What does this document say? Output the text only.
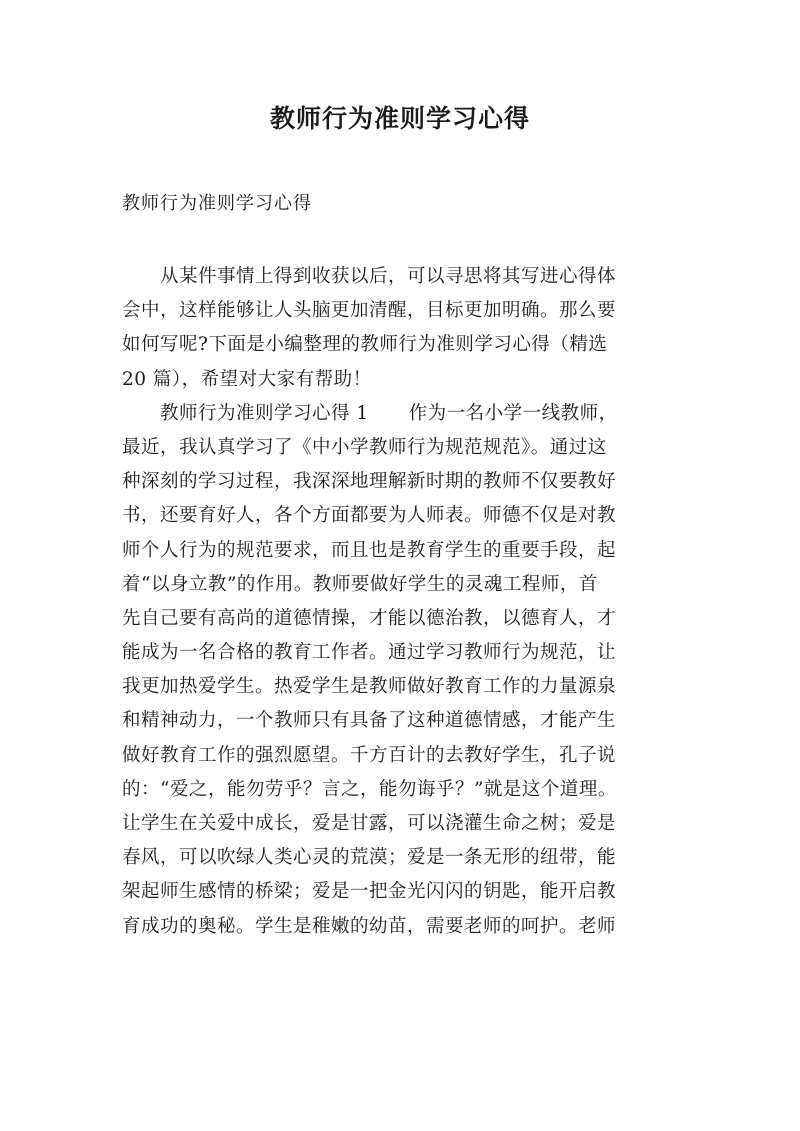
教师行为准则学习心得

教师行为准则学习心得

从某件事情上得到收获以后，可以寻思将其写进心得体
会中，这样能够让人头脑更加清醒，目标更加明确。那么要
如何写呢?下面是小编整理的教师行为准则学习心得（精选
20 篇），希望对大家有帮助！
教师行为准则学习心得 1 作为一名小学一线教师，
最近，我认真学习了《中小学教师行为规范规范》。通过这
种深刻的学习过程，我深深地理解新时期的教师不仅要教好
书，还要育好人，各个方面都要为人师表。师德不仅是对教
师个人行为的规范要求，而且也是教育学生的重要手段，起
着“以身立教”的作用。教师要做好学生的灵魂工程师，首
先自己要有高尚的道德情操，才能以德治教，以德育人，才
能成为一名合格的教育工作者。通过学习教师行为规范，让
我更加热爱学生。热爱学生是教师做好教育工作的力量源泉
和精神动力，一个教师只有具备了这种道德情感，才能产生
做好教育工作的强烈愿望。千方百计的去教好学生，孔子说
的：“爱之，能勿劳乎？言之，能勿诲乎？”就是这个道理。
让学生在关爱中成长，爱是甘露，可以浇灌生命之树；爱是
春风，可以吹绿人类心灵的荒漠；爱是一条无形的纽带，能
架起师生感情的桥梁；爱是一把金光闪闪的钥匙，能开启教
育成功的奥秘。学生是稚嫩的幼苗，需要老师的呵护。老师
